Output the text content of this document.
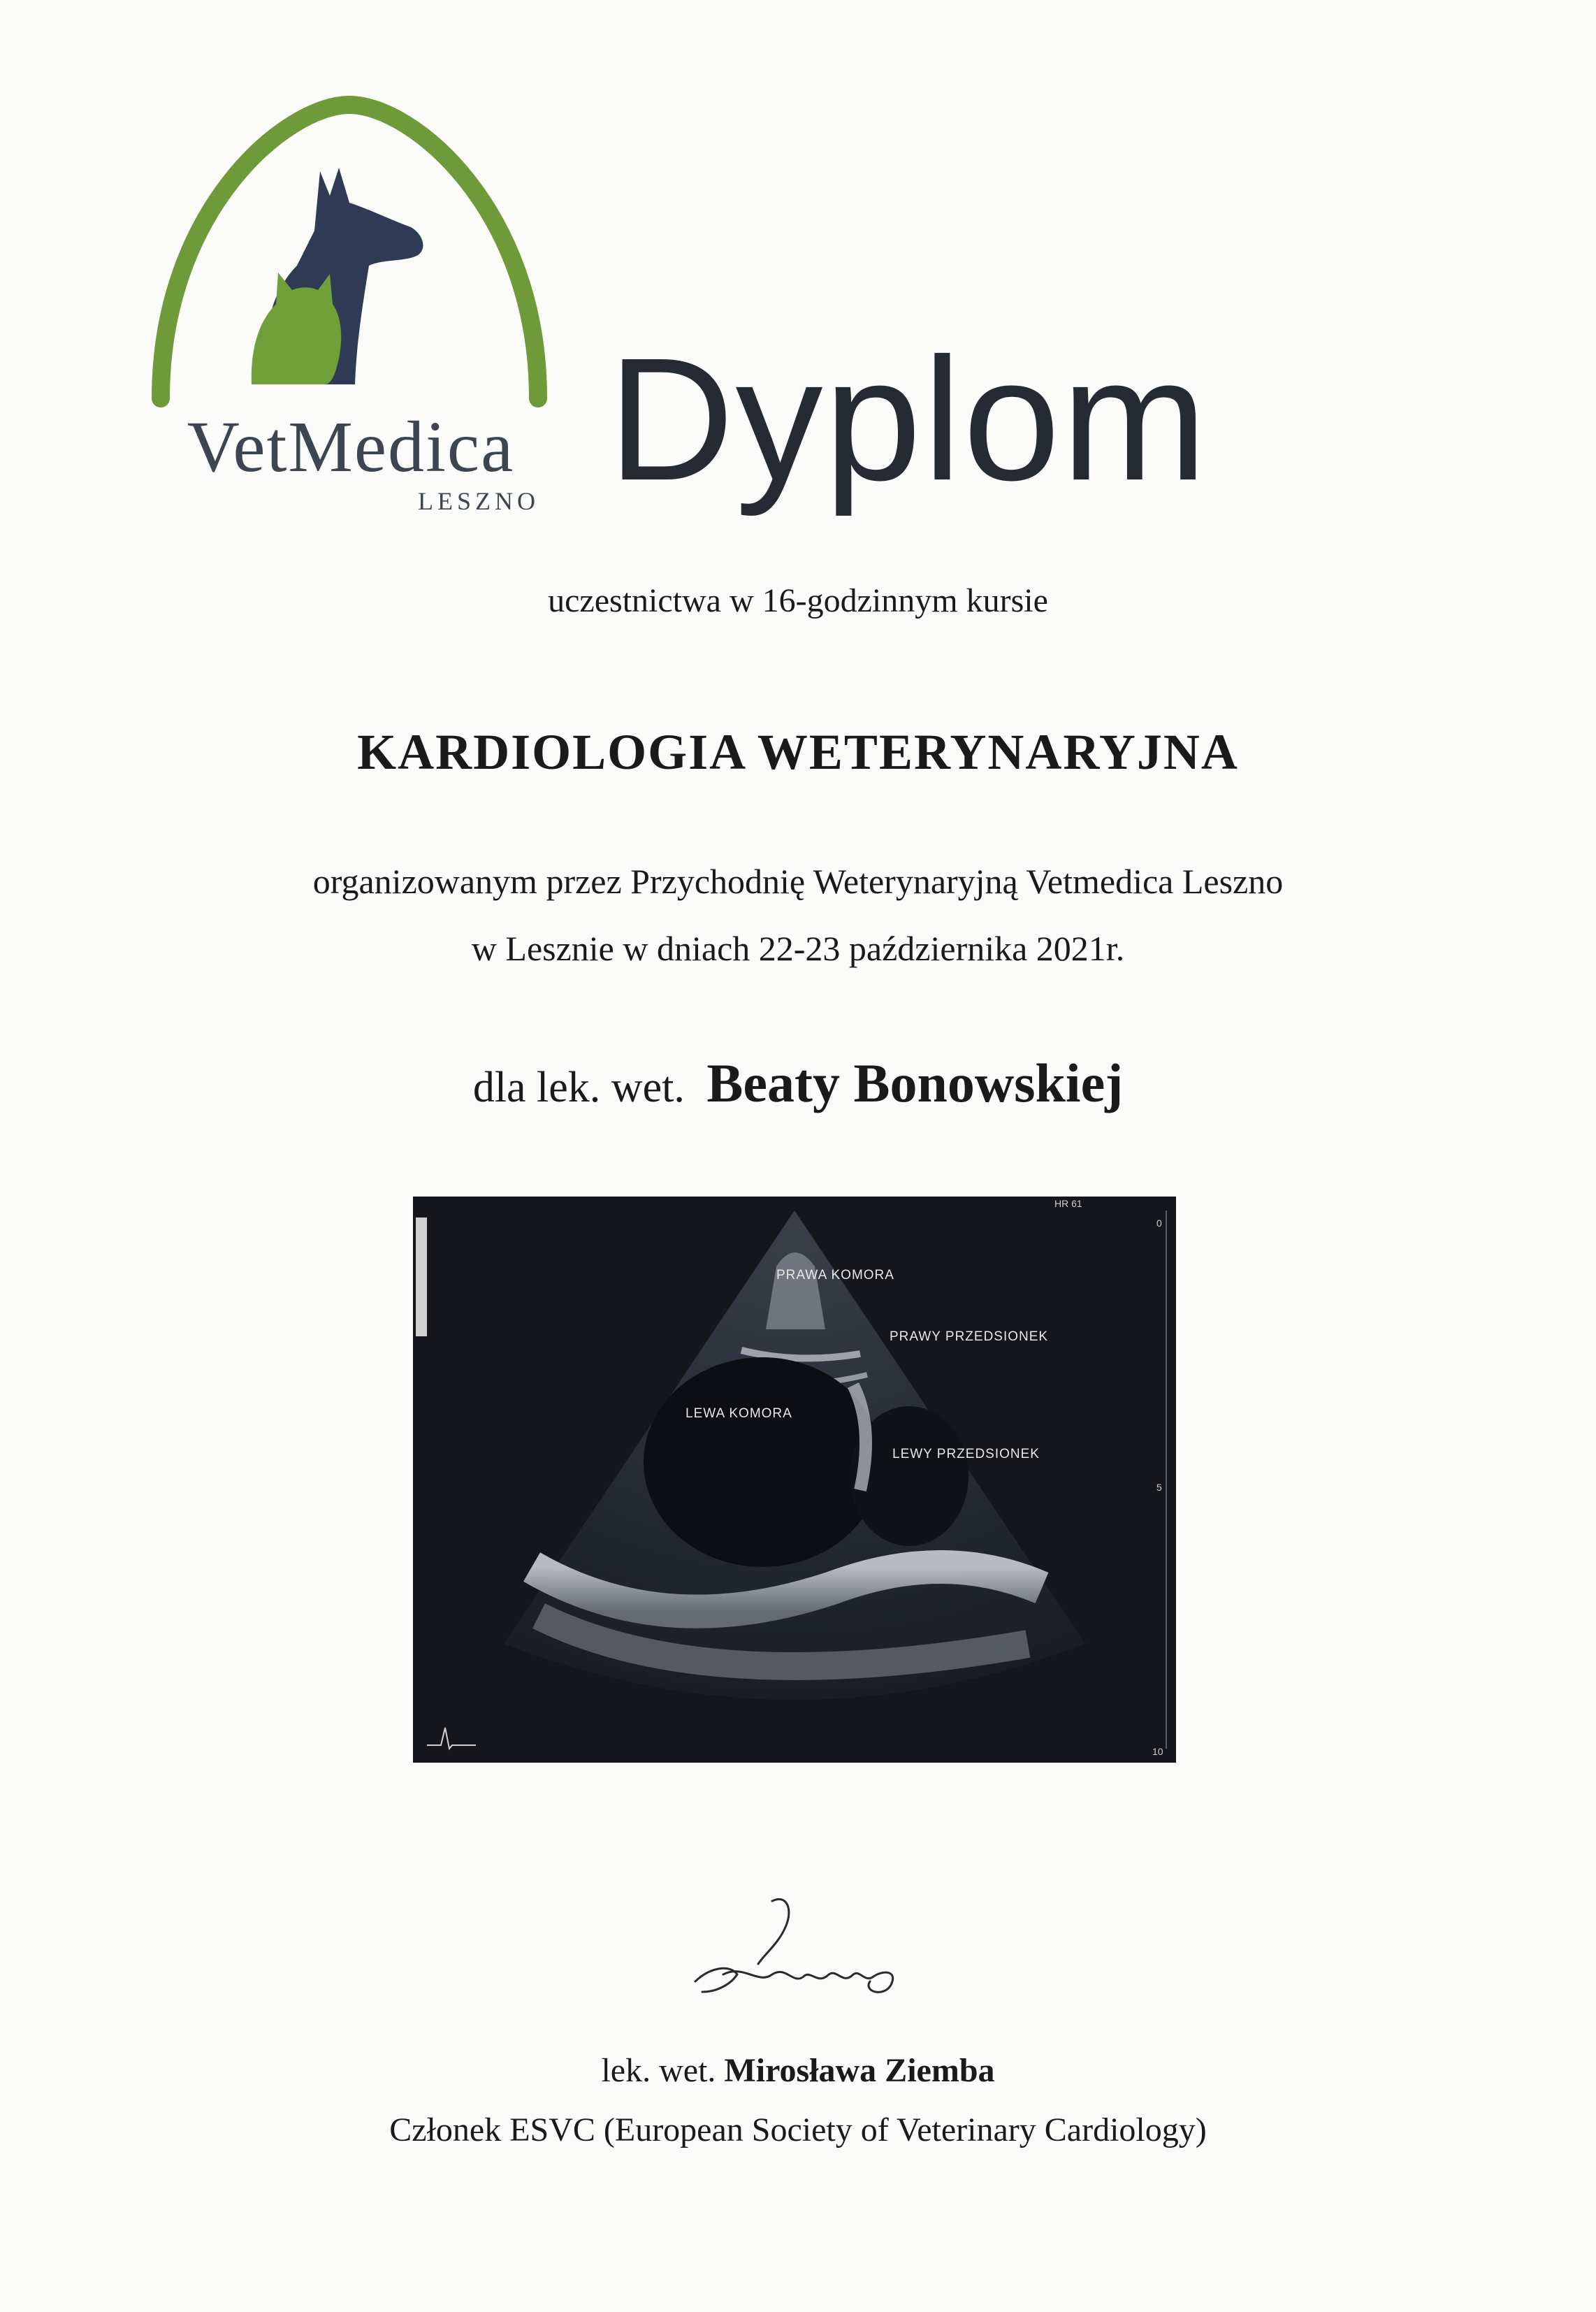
VetMedica
LESZNO Dyplom
uczestnictwa w 16-godzinnym kursie
KARDIOLOGIA WETERYNARYJNA
organizowanym przez Przychodnię Weterynaryjną Vetmedica Leszno
w Lesznie w dniach 22-23 października 2021r.
dla lek. wet. Beaty Bonowskiej
PRAWA KOMORA
PRAWY PRZEDSIONEK
LEWA KOMORA
LEWY PRZEDSIONEK
HR 61
0
5
10
lek. wet. Mirosława Ziemba
Członek ESVC (European Society of Veterinary Cardiology)
